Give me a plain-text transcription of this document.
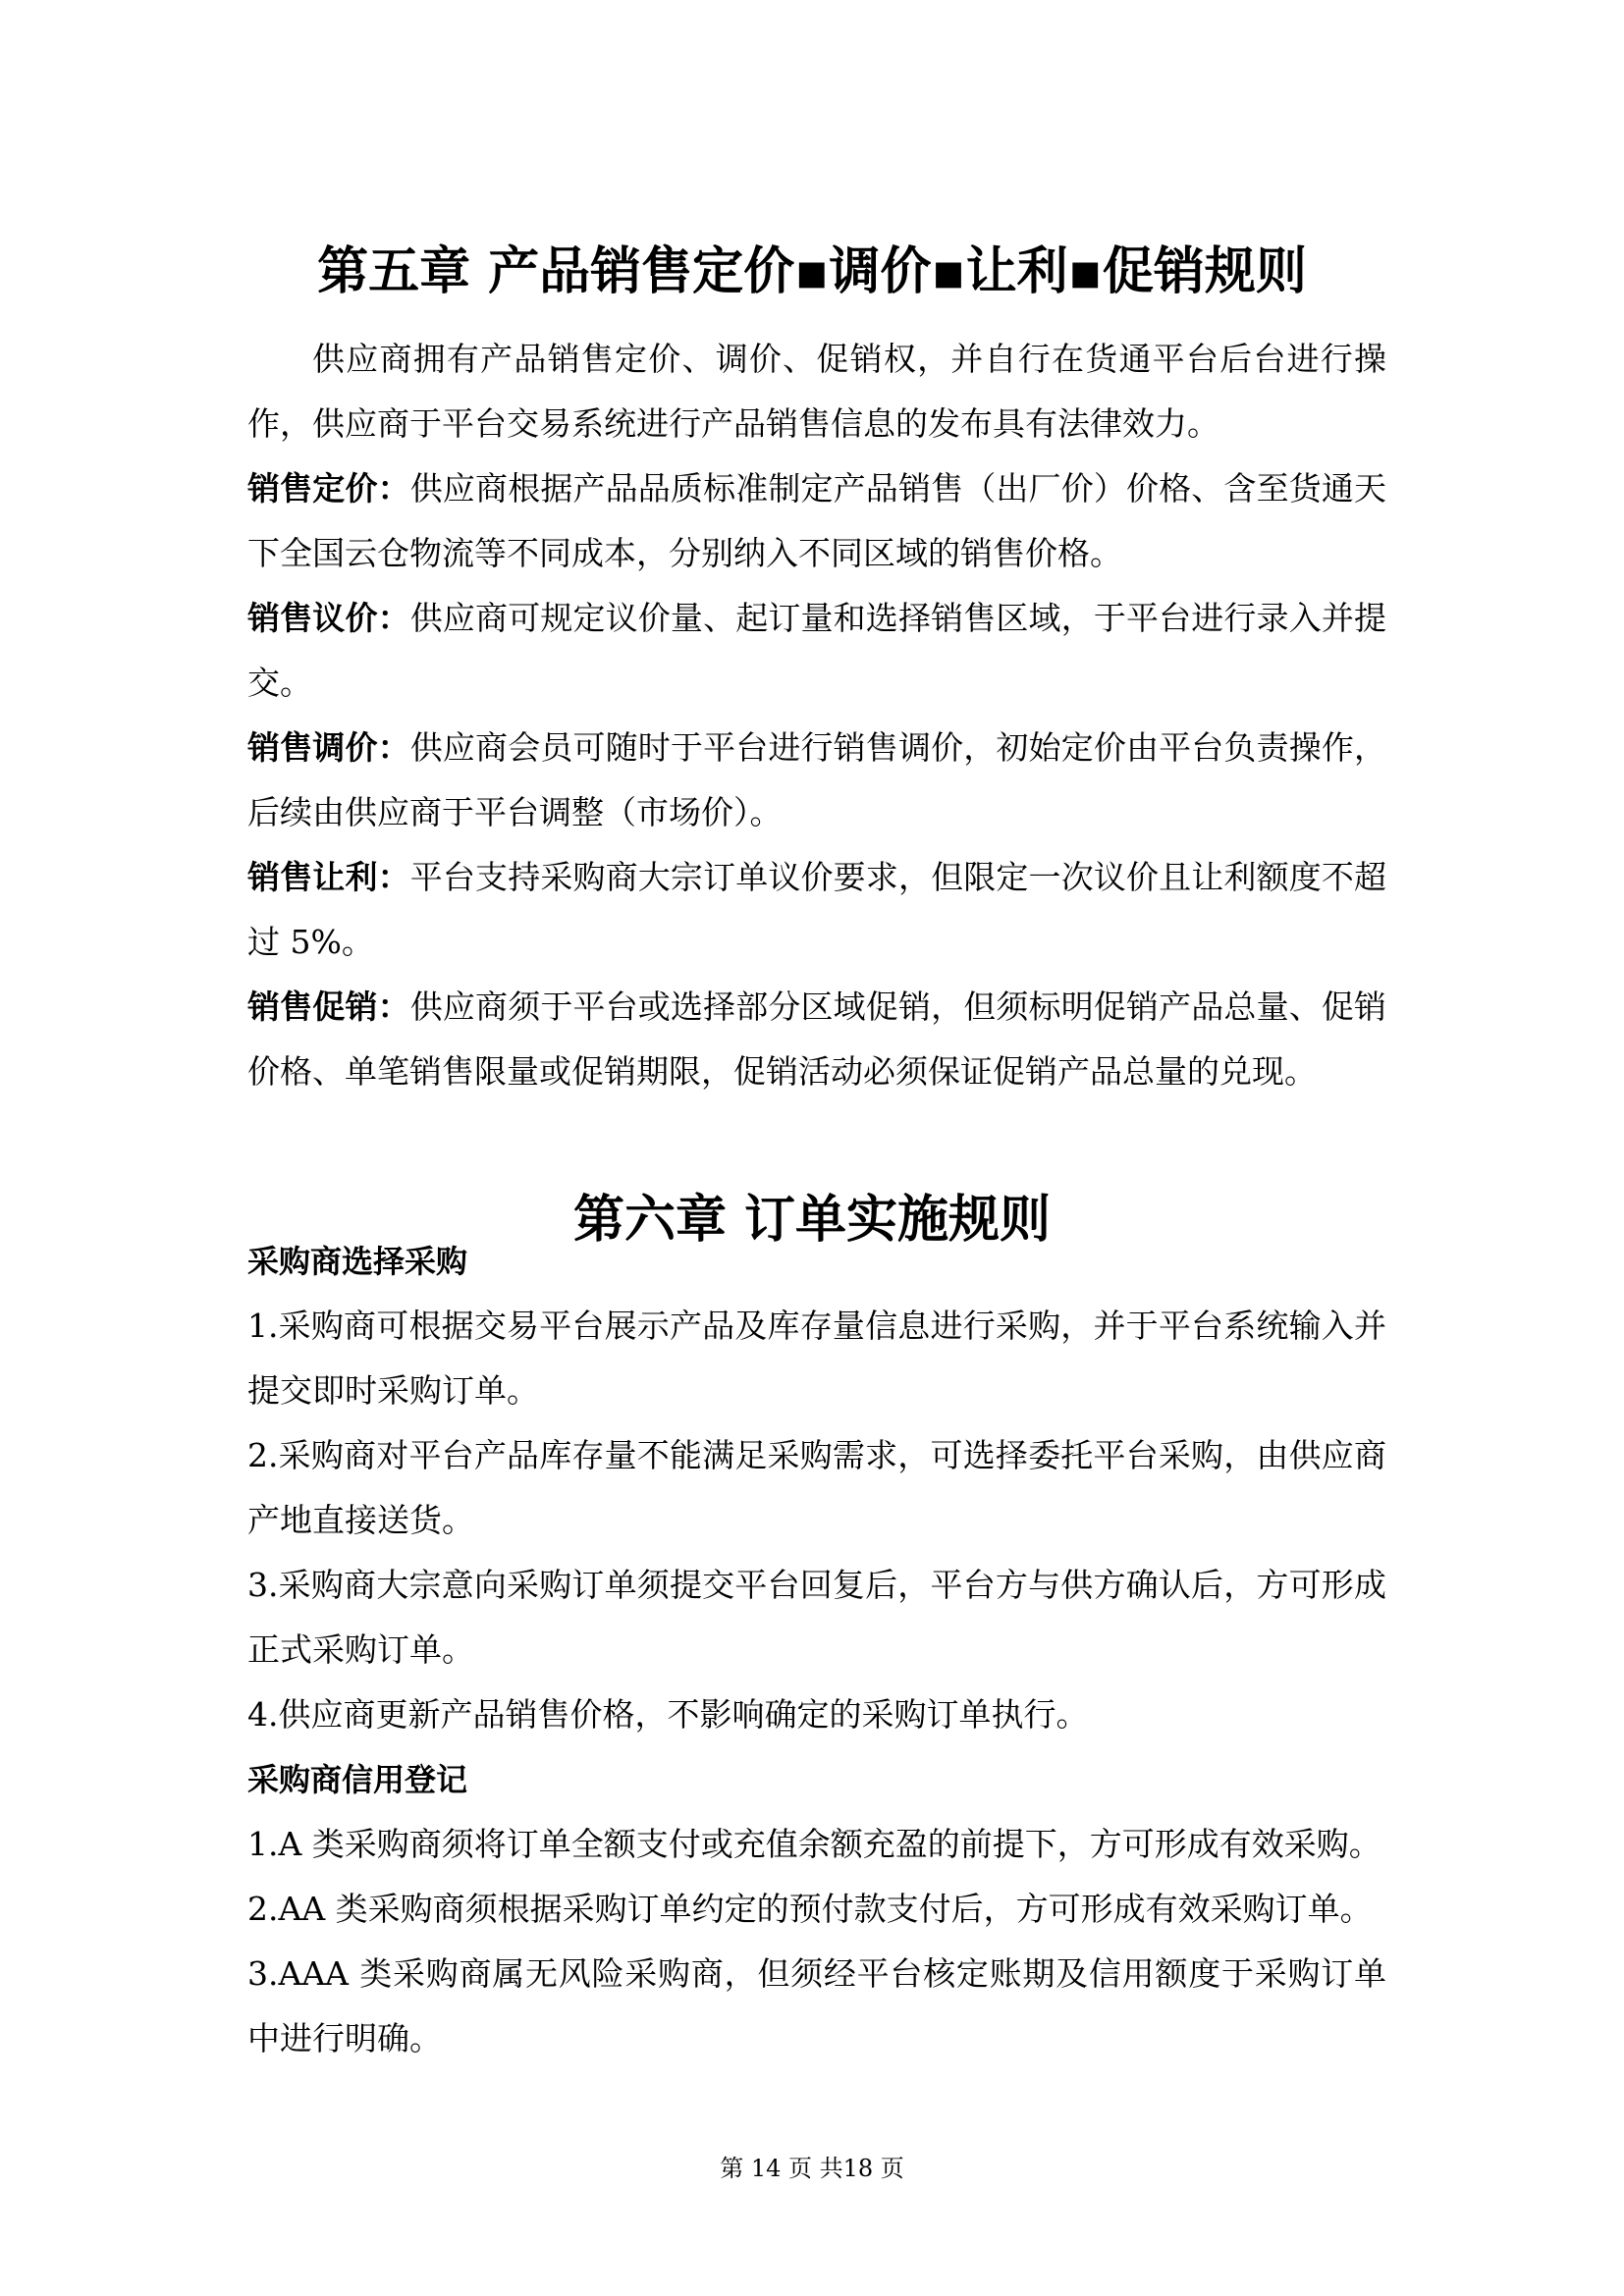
第五章 产品销售定价▪调价▪让利▪促销规则

供应商拥有产品销售定价、调价、促销权，并自行在货通平台后台进行操作，供应商于平台交易系统进行产品销售信息的发布具有法律效力。

销售定价：供应商根据产品品质标准制定产品销售（出厂价）价格、含至货通天下全国云仓物流等不同成本，分别纳入不同区域的销售价格。

销售议价：供应商可规定议价量、起订量和选择销售区域，于平台进行录入并提交。

销售调价：供应商会员可随时于平台进行销售调价，初始定价由平台负责操作，后续由供应商于平台调整（市场价）。

销售让利：平台支持采购商大宗订单议价要求，但限定一次议价且让利额度不超过 5%。

销售促销：供应商须于平台或选择部分区域促销，但须标明促销产品总量、促销价格、单笔销售限量或促销期限，促销活动必须保证促销产品总量的兑现。

第六章 订单实施规则

采购商选择采购

1.采购商可根据交易平台展示产品及库存量信息进行采购，并于平台系统输入并提交即时采购订单。

2.采购商对平台产品库存量不能满足采购需求，可选择委托平台采购，由供应商产地直接送货。

3.采购商大宗意向采购订单须提交平台回复后，平台方与供方确认后，方可形成正式采购订单。

4.供应商更新产品销售价格，不影响确定的采购订单执行。

采购商信用登记

1.A 类采购商须将订单全额支付或充值余额充盈的前提下，方可形成有效采购。

2.AA 类采购商须根据采购订单约定的预付款支付后，方可形成有效采购订单。

3.AAA 类采购商属无风险采购商，但须经平台核定账期及信用额度于采购订单中进行明确。

第 14 页 共18 页
